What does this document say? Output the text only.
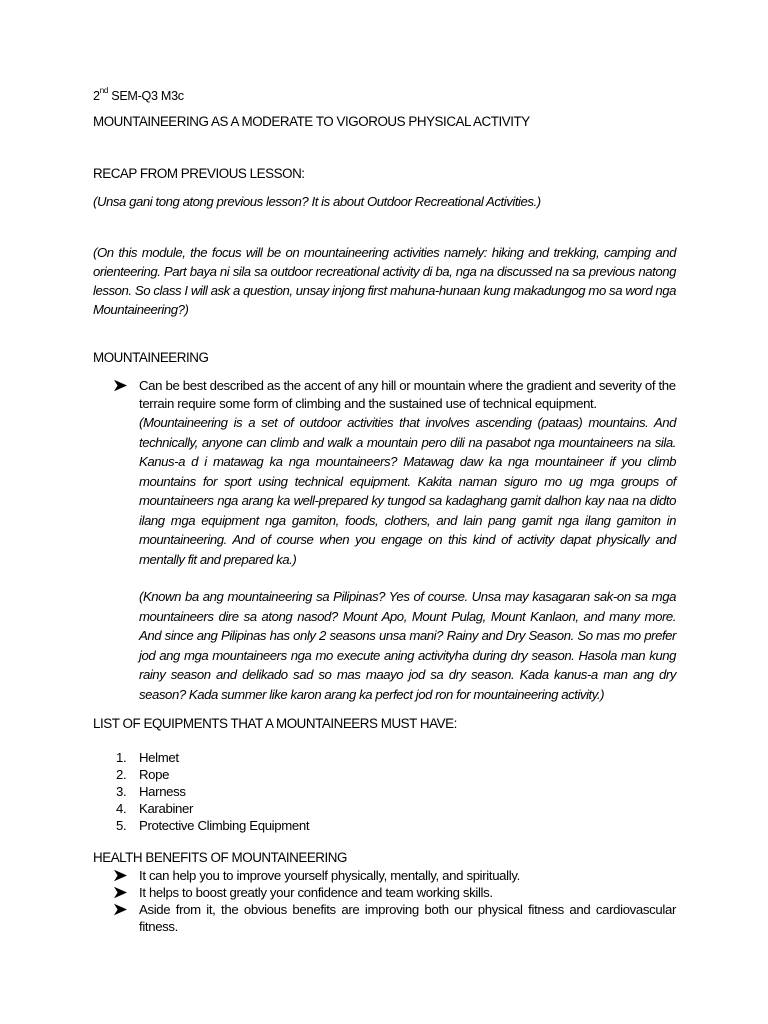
2nd SEM-Q3 M3c

MOUNTAINEERING AS A MODERATE TO VIGOROUS PHYSICAL ACTIVITY

RECAP FROM PREVIOUS LESSON:

(Unsa gani tong atong previous lesson? It is about Outdoor Recreational Activities.)

(On this module, the focus will be on mountaineering activities namely: hiking and trekking, camping and orienteering. Part baya ni sila sa outdoor recreational activity di ba, nga na discussed na sa previous natong lesson. So class I will ask a question, unsay injong first mahuna-hunaan kung makadungog mo sa word nga Mountaineering?)

MOUNTAINEERING

Can be best described as the accent of any hill or mountain where the gradient and severity of the terrain require some form of climbing and the sustained use of technical equipment.

(Mountaineering is a set of outdoor activities that involves ascending (pataas) mountains. And technically, anyone can climb and walk a mountain pero dili na pasabot nga mountaineers na sila. Kanus-a d i matawag ka nga mountaineers? Matawag daw ka nga mountaineer if you climb mountains for sport using technical equipment. Kakita naman siguro mo ug mga groups of mountaineers nga arang ka well-prepared ky tungod sa kadaghang gamit dalhon kay naa na didto ilang mga equipment nga gamiton, foods, clothers, and lain pang gamit nga ilang gamiton in mountaineering. And of course when you engage on this kind of activity dapat physically and mentally fit and prepared ka.)

(Known ba ang mountaineering sa Pilipinas? Yes of course. Unsa may kasagaran sak-on sa mga mountaineers dire sa atong nasod? Mount Apo, Mount Pulag, Mount Kanlaon, and many more. And since ang Pilipinas has only 2 seasons unsa mani? Rainy and Dry Season. So mas mo prefer jod ang mga mountaineers nga mo execute aning activityha during dry season. Hasola man kung rainy season and delikado sad so mas maayo jod sa dry season. Kada kanus-a man ang dry season? Kada summer like karon arang ka perfect jod ron for mountaineering activity.)

LIST OF EQUIPMENTS THAT A MOUNTAINEERS MUST HAVE:

1. Helmet
2. Rope
3. Harness
4. Karabiner
5. Protective Climbing Equipment

HEALTH BENEFITS OF MOUNTAINEERING

It can help you to improve yourself physically, mentally, and spiritually.
It helps to boost greatly your confidence and team working skills.
Aside from it, the obvious benefits are improving both our physical fitness and cardiovascular fitness.
